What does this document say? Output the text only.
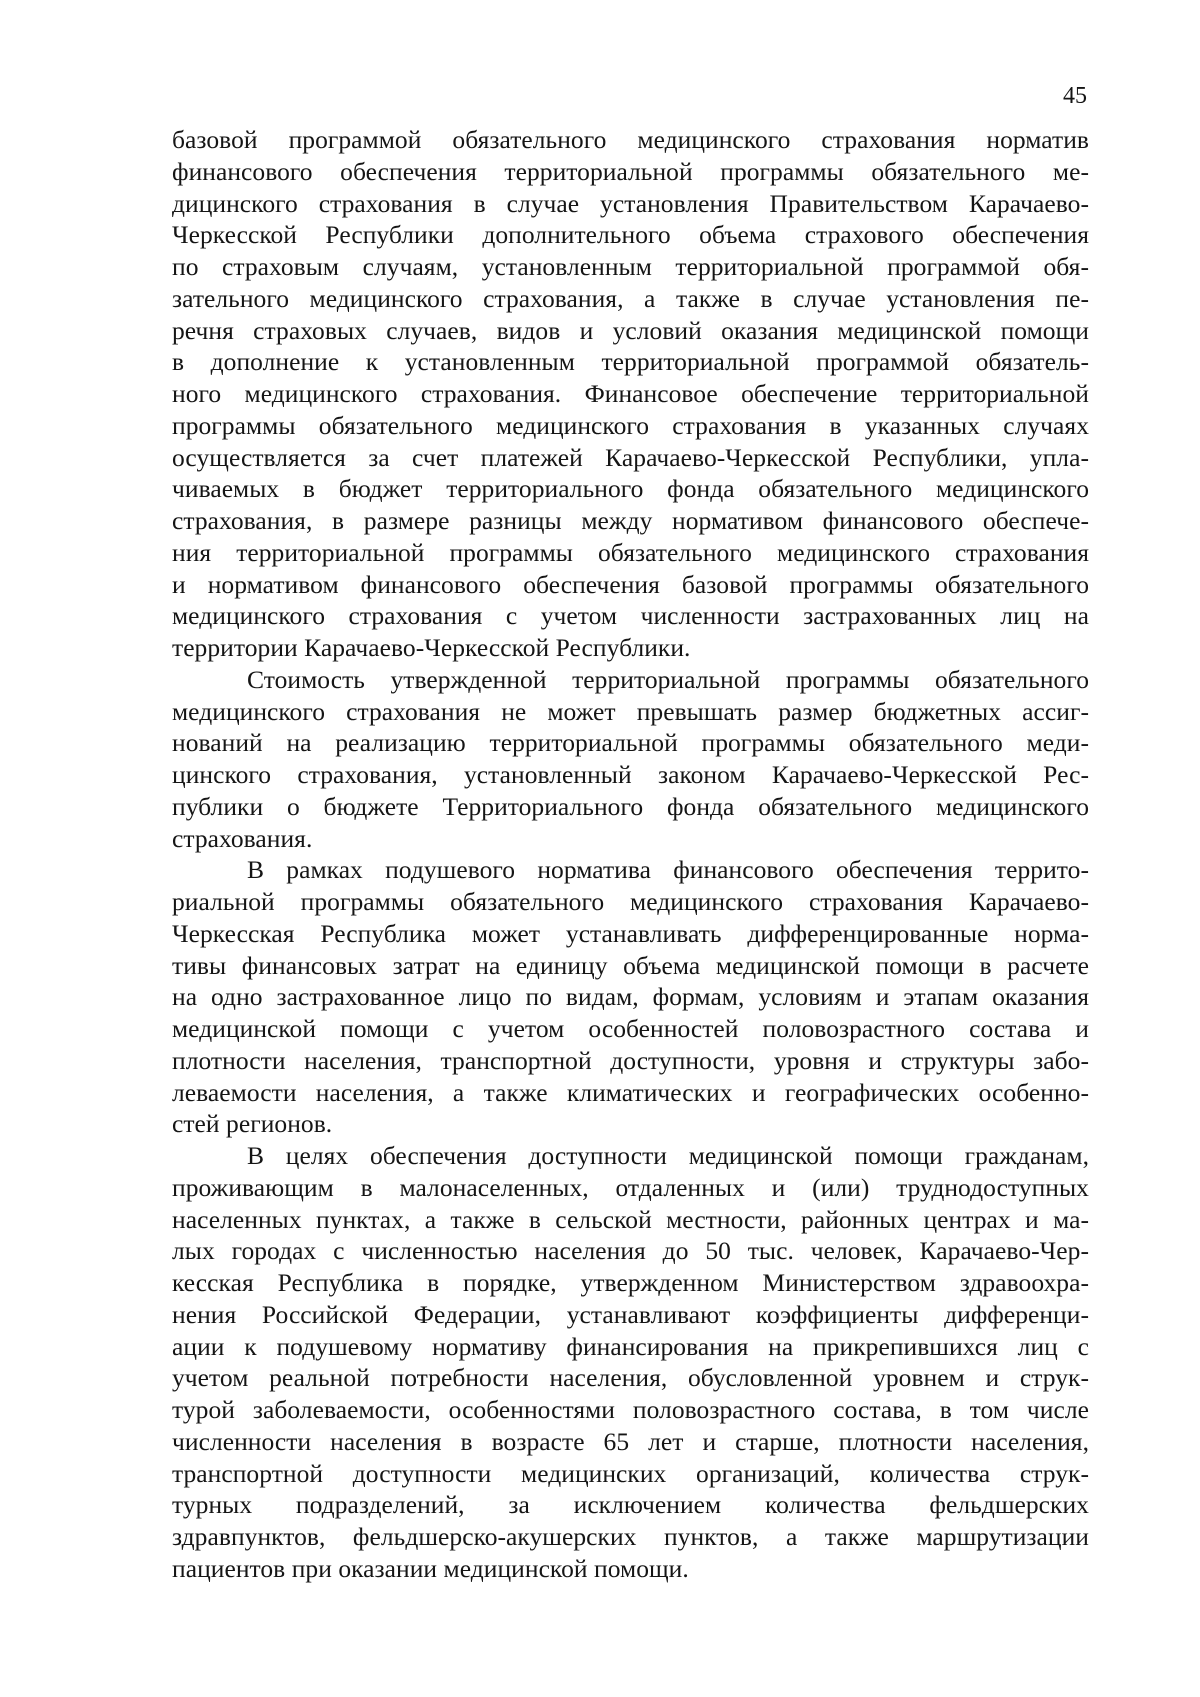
45

базовой программой обязательного медицинского страхования норматив
финансового обеспечения территориальной программы обязательного ме-
дицинского страхования в случае установления Правительством Карачаево-
Черкесской Республики дополнительного объема страхового обеспечения
по страховым случаям, установленным территориальной программой обя-
зательного медицинского страхования, а также в случае установления пе-
речня страховых случаев, видов и условий оказания медицинской помощи
в дополнение к установленным территориальной программой обязатель-
ного медицинского страхования. Финансовое обеспечение территориальной
программы обязательного медицинского страхования в указанных случаях
осуществляется за счет платежей Карачаево-Черкесской Республики, упла-
чиваемых в бюджет территориального фонда обязательного медицинского
страхования, в размере разницы между нормативом финансового обеспече-
ния территориальной программы обязательного медицинского страхования
и нормативом финансового обеспечения базовой программы обязательного
медицинского страхования с учетом численности застрахованных лиц на
территории Карачаево-Черкесской Республики.

Стоимость утвержденной территориальной программы обязательного
медицинского страхования не может превышать размер бюджетных ассиг-
нований на реализацию территориальной программы обязательного меди-
цинского страхования, установленный законом Карачаево-Черкесской Рес-
публики о бюджете Территориального фонда обязательного медицинского
страхования.

В рамках подушевого норматива финансового обеспечения террито-
риальной программы обязательного медицинского страхования Карачаево-
Черкесская Республика может устанавливать дифференцированные норма-
тивы финансовых затрат на единицу объема медицинской помощи в расчете
на одно застрахованное лицо по видам, формам, условиям и этапам оказания
медицинской помощи с учетом особенностей половозрастного состава и
плотности населения, транспортной доступности, уровня и структуры забо-
леваемости населения, а также климатических и географических особенно-
стей регионов.

В целях обеспечения доступности медицинской помощи гражданам,
проживающим в малонаселенных, отдаленных и (или) труднодоступных
населенных пунктах, а также в сельской местности, районных центрах и ма-
лых городах с численностью населения до 50 тыс. человек, Карачаево-Чер-
кесская Республика в порядке, утвержденном Министерством здравоохра-
нения Российской Федерации, устанавливают коэффициенты дифференци-
ации к подушевому нормативу финансирования на прикрепившихся лиц с
учетом реальной потребности населения, обусловленной уровнем и струк-
турой заболеваемости, особенностями половозрастного состава, в том числе
численности населения в возрасте 65 лет и старше, плотности населения,
транспортной доступности медицинских организаций, количества струк-
турных подразделений, за исключением количества фельдшерских
здравпунктов, фельдшерско-акушерских пунктов, а также маршрутизации
пациентов при оказании медицинской помощи.
